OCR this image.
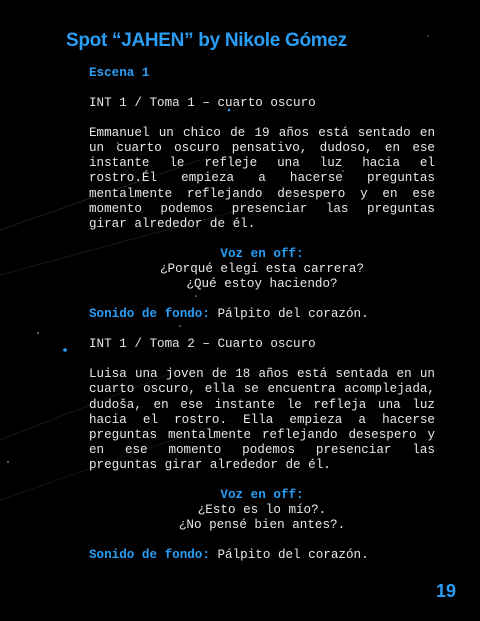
Spot “JAHEN” by Nikole Gómez
Escena 1
INT 1 / Toma 1 – cuarto oscuro
Emmanuel un chico de 19 años está sentado en un cuarto oscuro pensativo, dudoso, en ese instante le refleje una luz hacia el rostro.Él empieza a hacerse preguntas mentalmente reflejando desespero y en ese momento podemos presenciar las preguntas girar alrededor de él.
Voz en off:
¿Porqué elegí esta carrera?
¿Qué estoy haciendo?
Sonido de fondo: Pálpito del corazón.
INT 1 / Toma 2 – Cuarto oscuro
Luisa una joven de 18 años está sentada en un cuarto oscuro, ella se encuentra acomplejada, dudoša, en ese instante le refleja una luz hacia el rostro. Ella empieza a hacerse preguntas mentalmente reflejando desespero y en ese momento podemos presenciar las preguntas girar alrededor de él.
Voz en off:
¿Esto es lo mío?.
¿No pensé bien antes?.
Sonido de fondo: Pálpito del corazón.
19
